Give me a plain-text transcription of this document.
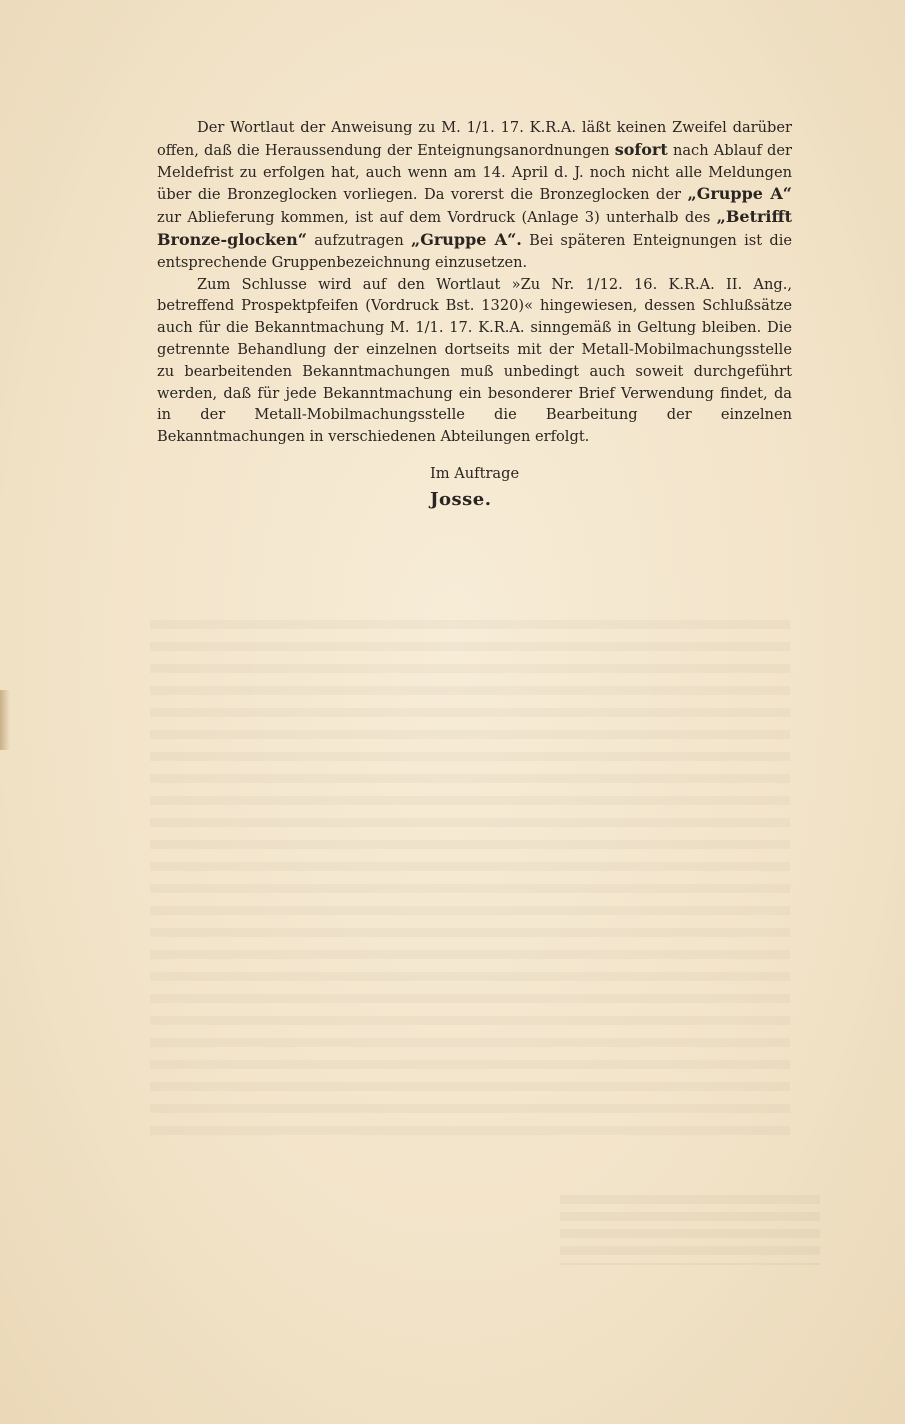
Der Wortlaut der Anweisung zu M. 1/1. 17. K.R.A. läßt keinen Zweifel darüber offen, daß die Heraussendung der Enteignungsanordnungen sofort nach Ablauf der Meldefrist zu erfolgen hat, auch wenn am 14. April d. J. noch nicht alle Meldungen über die Bronzeglocken vorliegen. Da vorerst die Bronzeglocken der „Gruppe A“ zur Ablieferung kommen, ist auf dem Vordruck (Anlage 3) unterhalb des „Betrifft Bronze-glocken“ aufzutragen „Gruppe A“. Bei späteren Enteignungen ist die entsprechende Gruppenbezeichnung einzusetzen.

Zum Schlusse wird auf den Wortlaut »Zu Nr. 1/12. 16. K.R.A. II. Ang., betreffend Prospektpfeifen (Vordruck Bst. 1320)« hingewiesen, dessen Schlußsätze auch für die Bekanntmachung M. 1/1. 17. K.R.A. sinngemäß in Geltung bleiben. Die getrennte Behandlung der einzelnen dortseits mit der Metall-Mobilmachungsstelle zu bearbeitenden Bekanntmachungen muß unbedingt auch soweit durchgeführt werden, daß für jede Bekanntmachung ein besonderer Brief Verwendung findet, da in der Metall-Mobilmachungsstelle die Bearbeitung der einzelnen Bekanntmachungen in verschiedenen Abteilungen erfolgt.

Im Auftrage
Josse.
